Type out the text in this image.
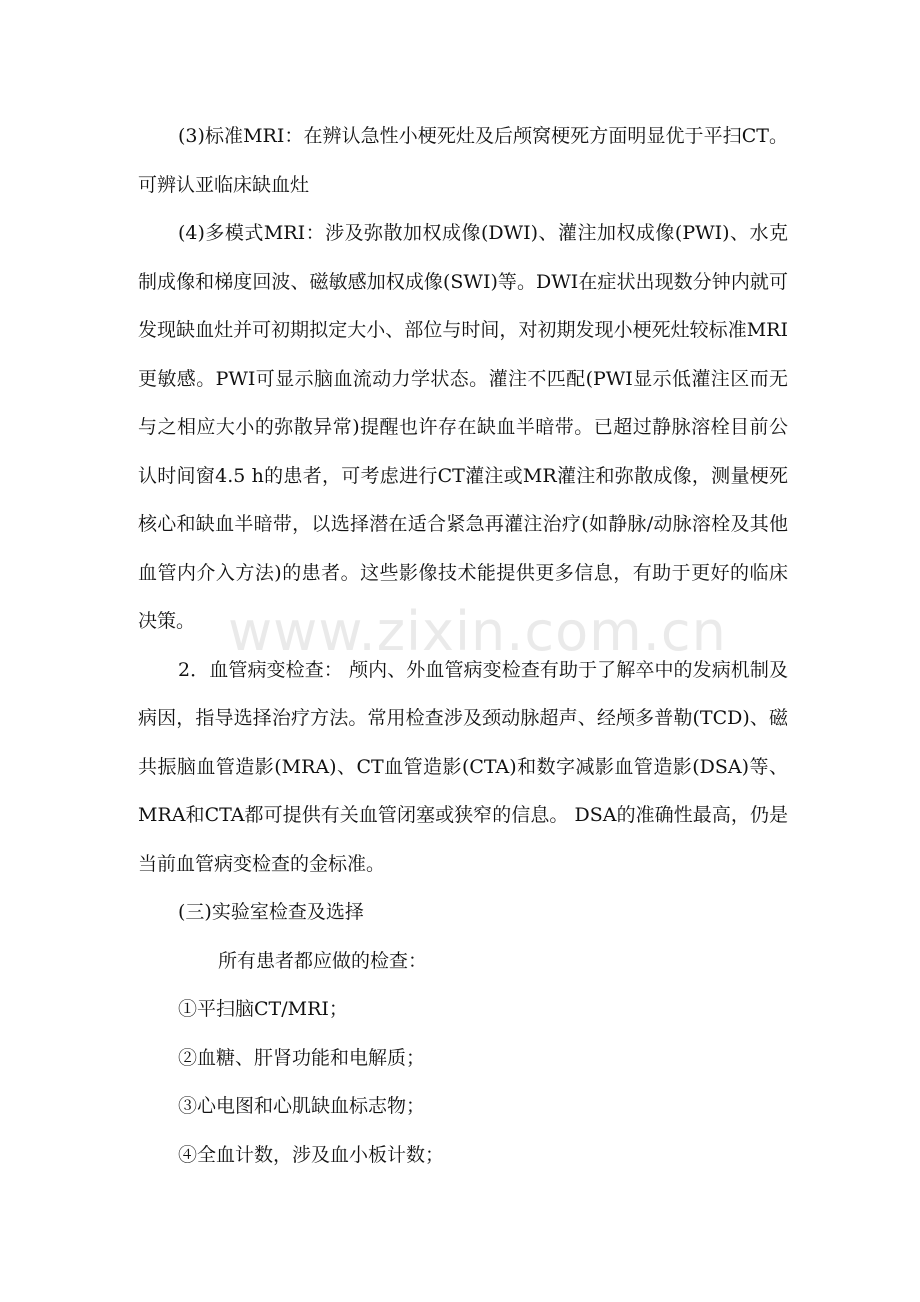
(3)标准MRI：在辨认急性小梗死灶及后颅窝梗死方面明显优于平扫CT。可辨认亚临床缺血灶

(4)多模式MRI：涉及弥散加权成像(DWI)、灌注加权成像(PWI)、水克制成像和梯度回波、磁敏感加权成像(SWI)等。DWI在症状出现数分钟内就可发现缺血灶并可初期拟定大小、部位与时间，对初期发现小梗死灶较标准MRI更敏感。PWI可显示脑血流动力学状态。灌注不匹配(PWI显示低灌注区而无与之相应大小的弥散异常)提醒也许存在缺血半暗带。已超过静脉溶栓目前公认时间窗4.5 h的患者，可考虑进行CT灌注或MR灌注和弥散成像，测量梗死核心和缺血半暗带，以选择潜在适合紧急再灌注治疗(如静脉/动脉溶栓及其他血管内介入方法)的患者。这些影像技术能提供更多信息，有助于更好的临床决策。

2．血管病变检查： 颅内、外血管病变检查有助于了解卒中的发病机制及病因，指导选择治疗方法。常用检查涉及颈动脉超声、经颅多普勒(TCD)、磁共振脑血管造影(MRA)、CT血管造影(CTA)和数字减影血管造影(DSA)等、 MRA和CTA都可提供有关血管闭塞或狭窄的信息。 DSA的准确性最高，仍是当前血管病变检查的金标准。

(三)实验室检查及选择

所有患者都应做的检查：

①平扫脑CT/MRI；

②血糖、肝肾功能和电解质；

③心电图和心肌缺血标志物；

④全血计数，涉及血小板计数；

www.zixin.com.cn
